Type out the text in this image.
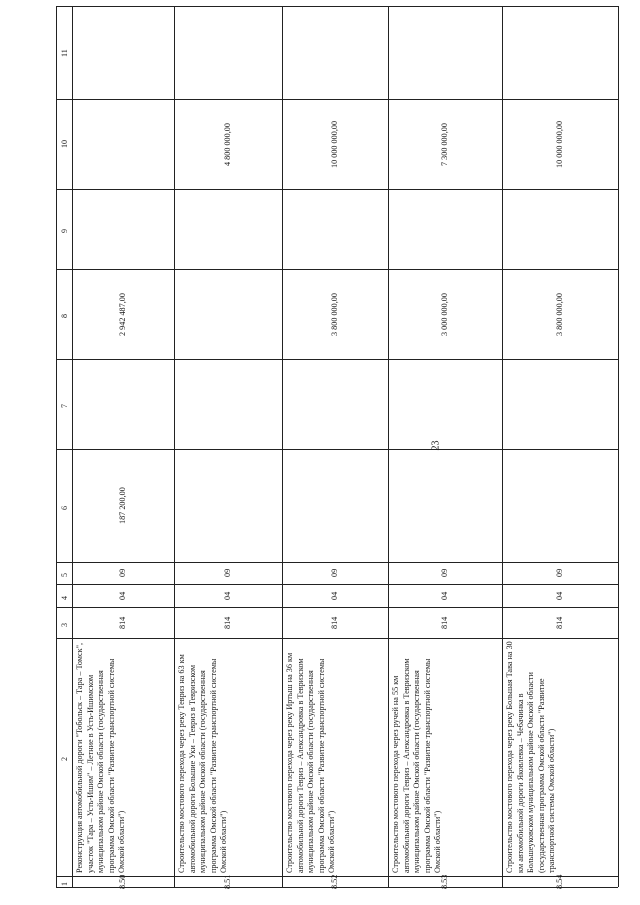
23
1
2
3
4
5
6
7
8
9
10
11
8.50
Реконструкция автомобильной дороги "Тобольск – Тара – Томск", участок "Тара – Усть-Ишим" – Летние в Усть-Ишимском муниципальном районе Омской области (государственная программа Омской области "Развитие транспортной системы Омской области")
814
04
09
187 200,00
2 942 487,00
8.51
Строительство мостового перехода через реку Тевриз на 63 км автомобильной дороги Большие Уки – Тевриз в Тевризском муниципальном районе Омской области (государственная программа Омской области "Развитие транспортной системы Омской области")
814
04
09
4 800 000,00
8.52
Строительство мостового перехода через реку Иртыш на 36 км автомобильной дороги Тевриз – Александровка в Тевризском муниципальном районе Омской области (государственная программа Омской области "Развитие транспортной системы Омской области")
814
04
09
3 800 000,00
10 000 000,00
8.53
Строительство мостового перехода через ручей на 55 км автомобильной дороги Тевриз – Александровка в Тевризском муниципальном районе Омской области (государственная программа Омской области "Развитие транспортной системы Омской области")
814
04
09
3 000 000,00
7 300 000,00
8.54
Строительство мостового перехода через реку Большая Тава на 30 км автомобильной дороги Яковлевка – Чебачинка в Большеуковском муниципальном районе Омской области (государственная программа Омской области "Развитие транспортной системы Омской области")
814
04
09
3 800 000,00
10 000 000,00
